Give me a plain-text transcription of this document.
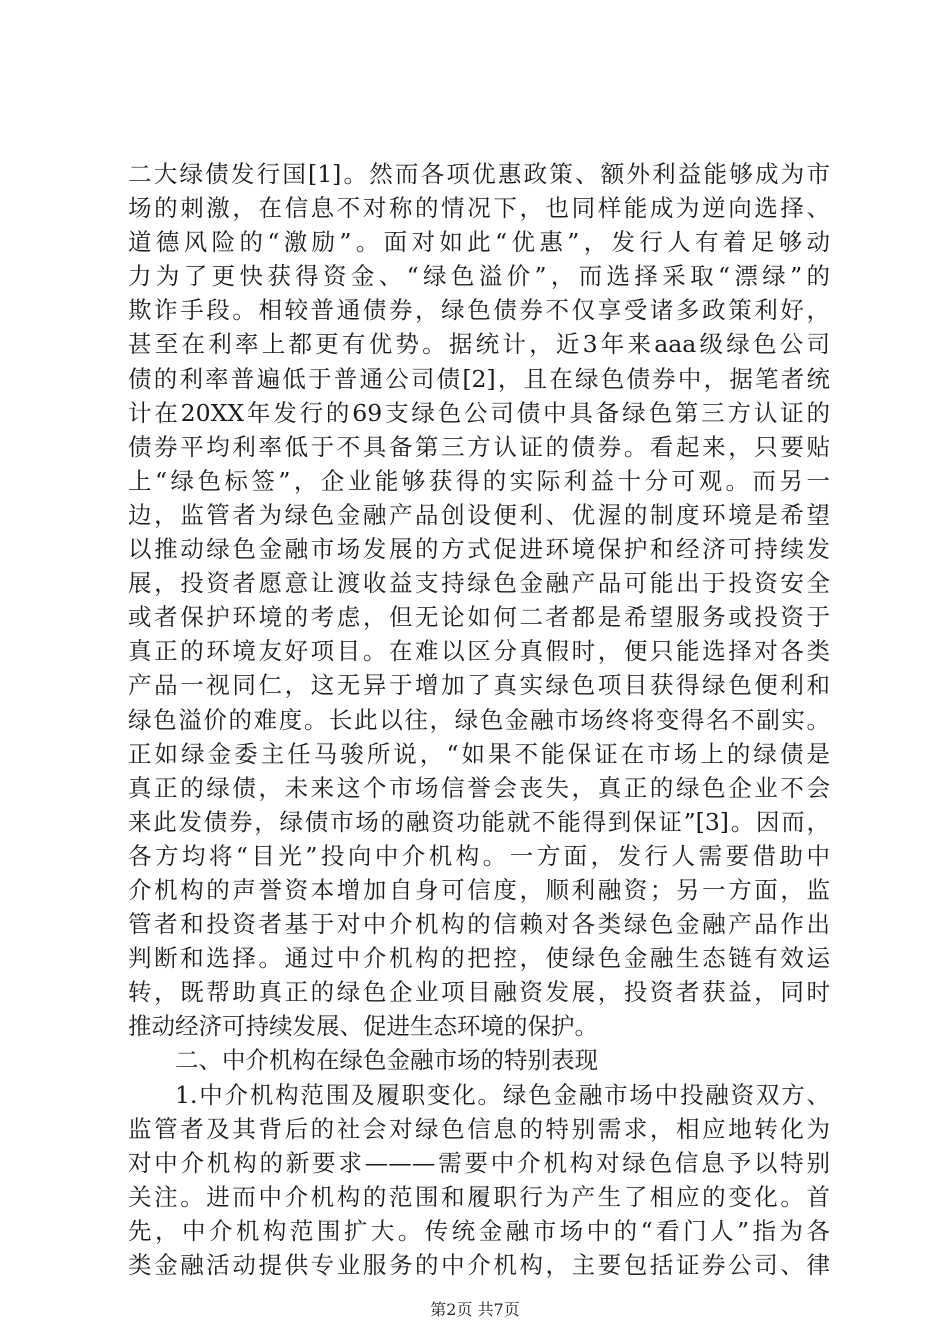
二大绿债发行国[1]。然而各项优惠政策、额外利益能够成为市
场的刺激，在信息不对称的情况下，也同样能成为逆向选择、
道德风险的“激励”。面对如此“优惠”，发行人有着足够动
力为了更快获得资金、“绿色溢价”，而选择采取“漂绿”的
欺诈手段。相较普通债券，绿色债券不仅享受诸多政策利好，
甚至在利率上都更有优势。据统计，近3年来aaa级绿色公司
债的利率普遍低于普通公司债[2]，且在绿色债券中，据笔者统
计在20XX年发行的69支绿色公司债中具备绿色第三方认证的
债券平均利率低于不具备第三方认证的债券。看起来，只要贴
上“绿色标签”，企业能够获得的实际利益十分可观。而另一
边，监管者为绿色金融产品创设便利、优渥的制度环境是希望
以推动绿色金融市场发展的方式促进环境保护和经济可持续发
展，投资者愿意让渡收益支持绿色金融产品可能出于投资安全
或者保护环境的考虑，但无论如何二者都是希望服务或投资于
真正的环境友好项目。在难以区分真假时，便只能选择对各类
产品一视同仁，这无异于增加了真实绿色项目获得绿色便利和
绿色溢价的难度。长此以往，绿色金融市场终将变得名不副实。
正如绿金委主任马骏所说，“如果不能保证在市场上的绿债是
真正的绿债，未来这个市场信誉会丧失，真正的绿色企业不会
来此发债券，绿债市场的融资功能就不能得到保证”[3]。因而，
各方均将“目光”投向中介机构。一方面，发行人需要借助中
介机构的声誉资本增加自身可信度，顺利融资；另一方面，监
管者和投资者基于对中介机构的信赖对各类绿色金融产品作出
判断和选择。通过中介机构的把控，使绿色金融生态链有效运
转，既帮助真正的绿色企业项目融资发展，投资者获益，同时
推动经济可持续发展、促进生态环境的保护。
二、中介机构在绿色金融市场的特别表现
1.中介机构范围及履职变化。绿色金融市场中投融资双方、
监管者及其背后的社会对绿色信息的特别需求，相应地转化为
对中介机构的新要求———需要中介机构对绿色信息予以特别
关注。进而中介机构的范围和履职行为产生了相应的变化。首
先，中介机构范围扩大。传统金融市场中的“看门人”指为各
类金融活动提供专业服务的中介机构，主要包括证券公司、律
第2页 共7页
